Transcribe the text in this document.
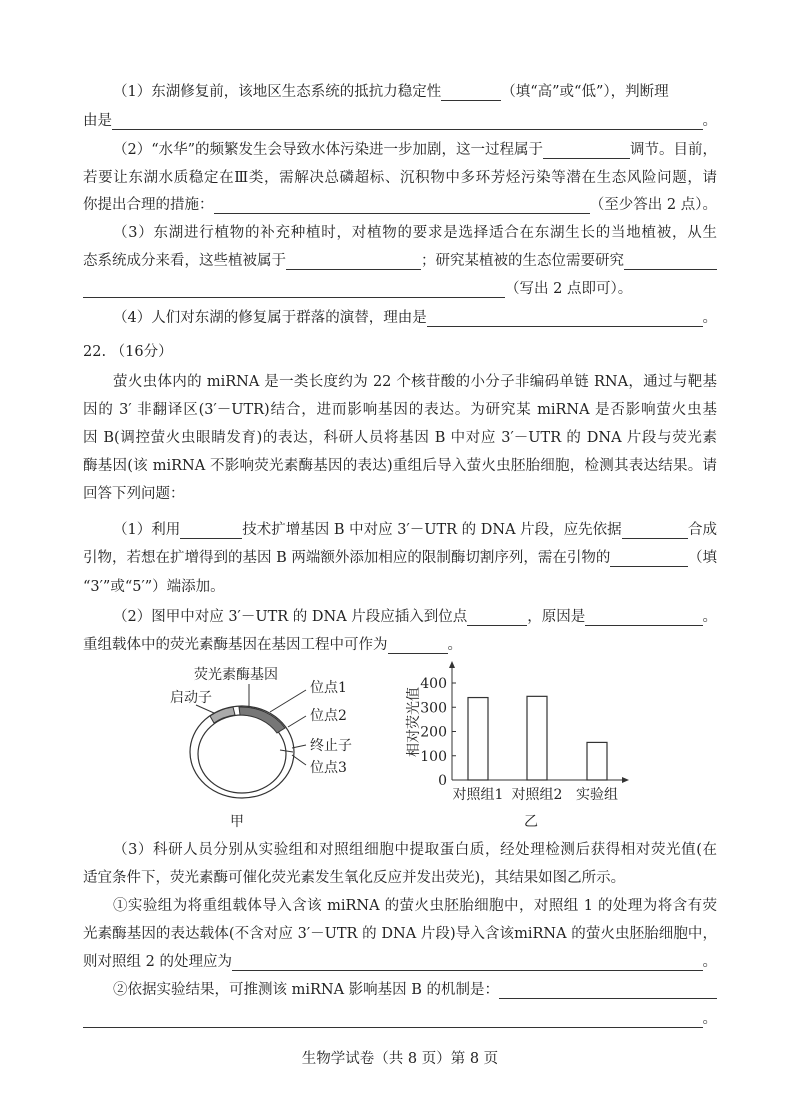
（1）东湖修复前，该地区生态系统的抵抗力稳定性	（填“高”或“低”），判断理
由是	。
（2）“水华”的频繁发生会导致水体污染进一步加剧，这一过程属于	调节。目前，
若要让东湖水质稳定在Ⅲ类，需解决总磷超标、沉积物中多环芳烃污染等潜在生态风险问题，请
你提出合理的措施：	（至少答出 2 点）。
（3）东湖进行植物的补充种植时，对植物的要求是选择适合在东湖生长的当地植被，从生
态系统成分来看，这些植被属于	；研究某植被的生态位需要研究
（写出 2 点即可）。
（4）人们对东湖的修复属于群落的演替，理由是	。
22. （16分）
萤火虫体内的 miRNA 是一类长度约为 22 个核苷酸的小分子非编码单链 RNA，通过与靶基
因的 3′ 非翻译区(3′－UTR)结合，进而影响基因的表达。为研究某 miRNA 是否影响萤火虫基
因 B(调控萤火虫眼睛发育)的表达，科研人员将基因 B 中对应 3′－UTR 的 DNA 片段与荧光素
酶基因(该 miRNA 不影响荧光素酶基因的表达)重组后导入萤火虫胚胎细胞，检测其表达结果。请
回答下列问题：
（1）利用	技术扩增基因 B 中对应 3′－UTR 的 DNA 片段，应先依据	合成
引物，若想在扩增得到的基因 B 两端额外添加相应的限制酶切割序列，需在引物的	（填
“3′”或“5′”）端添加。
（2）图甲中对应 3′－UTR 的 DNA 片段应插入到位点	，原因是	。
重组载体中的荧光素酶基因在基因工程中可作为	。
荧光素酶基因
启动子
位点1
位点2
终止子
位点3
甲
相对荧光值
乙
0
100
200
300
400
对照组1 对照组2 实验组
（3）科研人员分别从实验组和对照组细胞中提取蛋白质，经处理检测后获得相对荧光值(在
适宜条件下，荧光素酶可催化荧光素发生氧化反应并发出荧光)，其结果如图乙所示。
①实验组为将重组载体导入含该 miRNA 的萤火虫胚胎细胞中，对照组 1 的处理为将含有荧
光素酶基因的表达载体(不含对应 3′－UTR 的 DNA 片段)导入含该miRNA 的萤火虫胚胎细胞中，
则对照组 2 的处理应为	。
②依据实验结果，可推测该 miRNA 影响基因 B 的机制是：
。
生物学试卷（共 8 页）第 8 页
